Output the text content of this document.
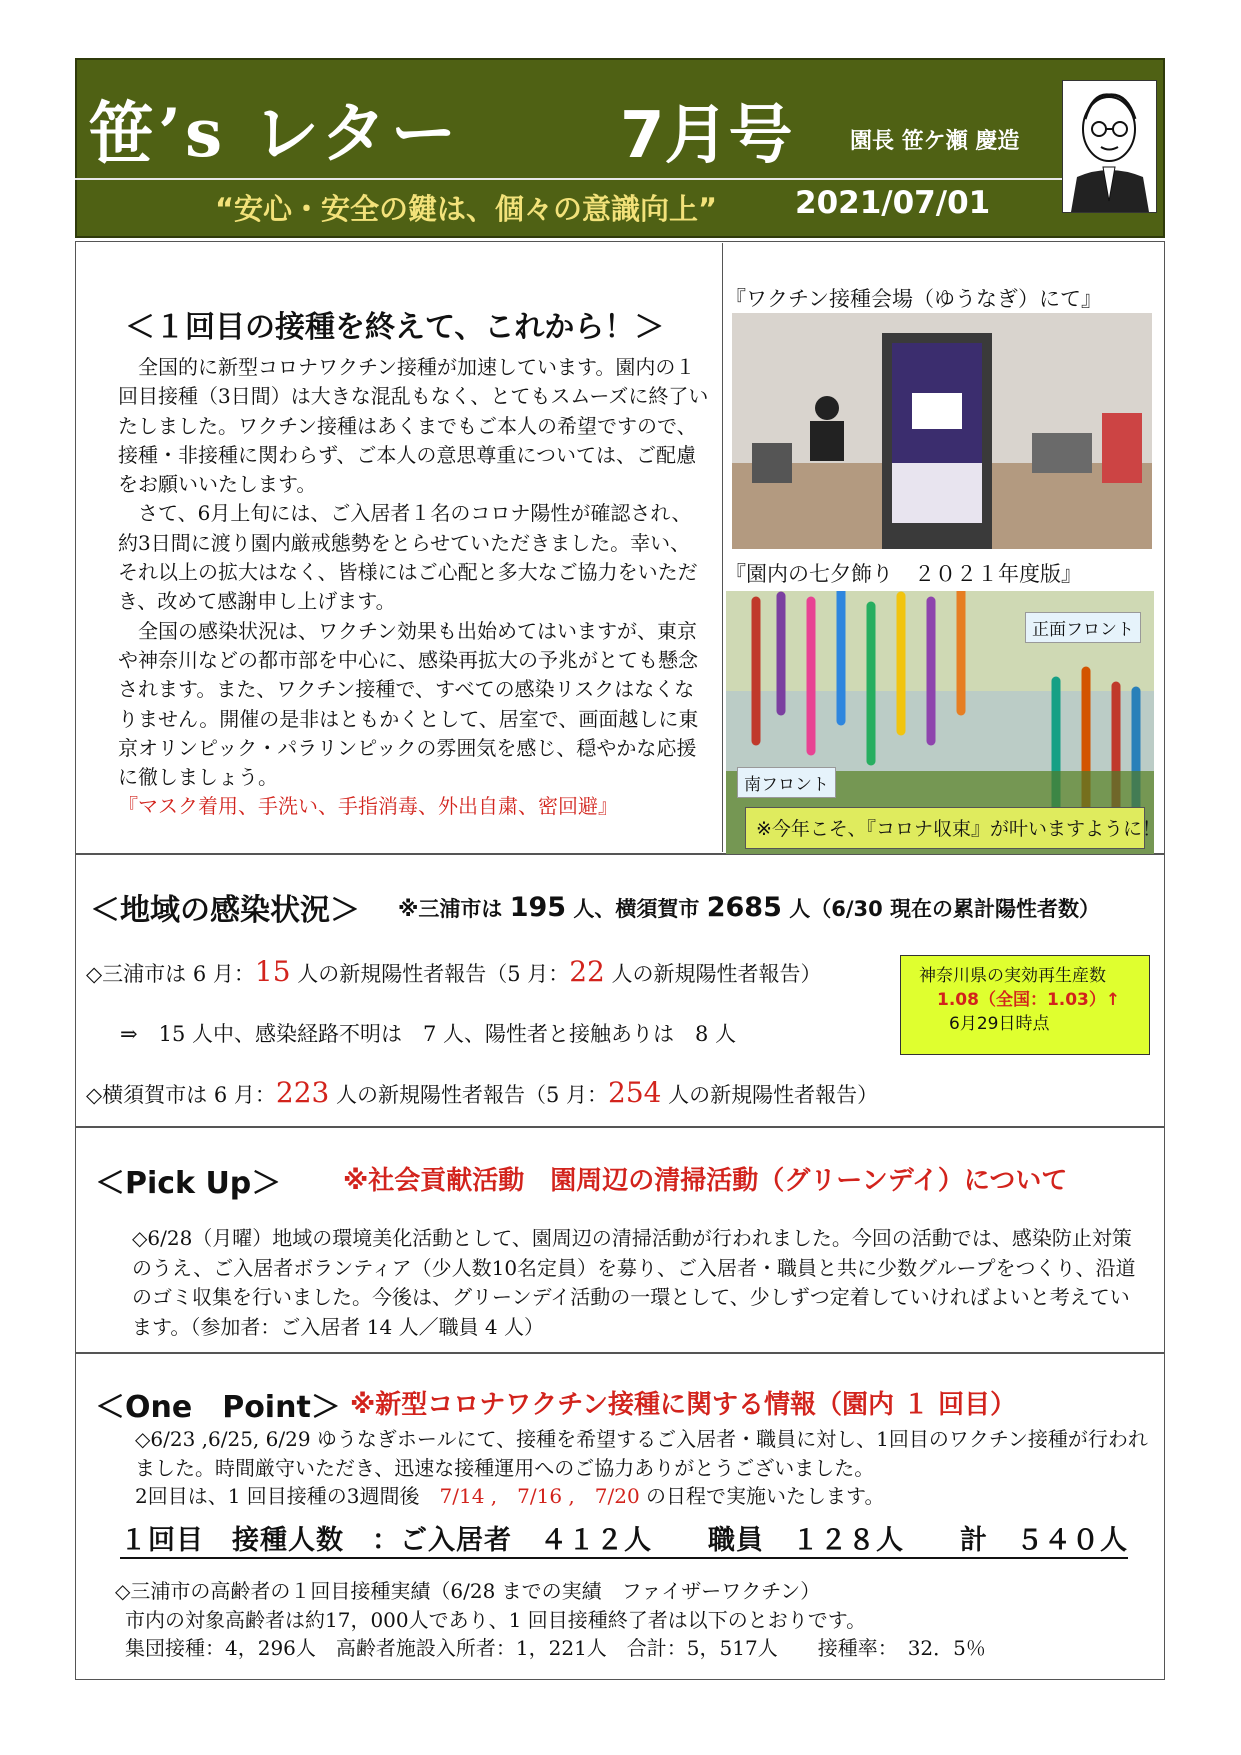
笹’s レター 7月号	園長 笹ケ瀬 慶造
“安心・安全の鍵は、個々の意識向上”	2021/07/01
＜１回目の接種を終えて、これから！＞
全国的に新型コロナワクチン接種が加速しています。園内の１回目接種（3日間）は大きな混乱もなく、とてもスムーズに終了いたしました。ワクチン接種はあくまでもご本人の希望ですので、接種・非接種に関わらず、ご本人の意思尊重については、ご配慮をお願いいたします。
さて、6月上旬には、ご入居者１名のコロナ陽性が確認され、約3日間に渡り園内厳戒態勢をとらせていただきました。幸い、それ以上の拡大はなく、皆様にはご心配と多大なご協力をいただき、改めて感謝申し上げます。
全国の感染状況は、ワクチン効果も出始めてはいますが、東京や神奈川などの都市部を中心に、感染再拡大の予兆がとても懸念されます。また、ワクチン接種で、すべての感染リスクはなくなりません。開催の是非はともかくとして、居室で、画面越しに東京オリンピック・パラリンピックの雰囲気を感じ、穏やかな応援に徹しましょう。
『マスク着用、手洗い、手指消毒、外出自粛、密回避』
『ワクチン接種会場（ゆうなぎ）にて』
『園内の七夕飾り　２０２１年度版』
正面フロント
南フロント
※今年こそ、『コロナ収束』が叶いますように！
＜地域の感染状況＞ ※三浦市は 195 人、横須賀市 2685 人（6/30 現在の累計陽性者数）
◇三浦市は 6 月：15 人の新規陽性者報告（5 月：22 人の新規陽性者報告）
⇒　15 人中、感染経路不明は　7 人、陽性者と接触ありは　8 人
◇横須賀市は 6 月：223 人の新規陽性者報告（5 月：254 人の新規陽性者報告）
神奈川県の実効再生産数
1.08（全国：1.03）↑
6月29日時点
＜Pick Up＞ ※社会貢献活動　園周辺の清掃活動（グリーンデイ）について
◇6/28（月曜）地域の環境美化活動として、園周辺の清掃活動が行われました。今回の活動では、感染防止対策のうえ、ご入居者ボランティア（少人数10名定員）を募り、ご入居者・職員と共に少数グループをつくり、沿道のゴミ収集を行いました。今後は、グリーンデイ活動の一環として、少しずつ定着していければよいと考えています。（参加者：ご入居者 14 人／職員 4 人）
＜One　Point＞ ※新型コロナワクチン接種に関する情報（園内 １ 回目）
◇6/23 ,6/25, 6/29 ゆうなぎホールにて、接種を希望するご入居者・職員に対し、1回目のワクチン接種が行われました。時間厳守いただき、迅速な接種運用へのご協力ありがとうございました。
2回目は、1 回目接種の3週間後　7/14 ,　7/16 ,　7/20 の日程で実施いたします。
１回目　接種人数　：ご入居者　４１２人　　職員　１２８人　　計　５４０人
◇三浦市の高齢者の１回目接種実績（6/28 までの実績　ファイザーワクチン）
市内の対象高齢者は約17，000人であり、1 回目接種終了者は以下のとおりです。
集団接種：4，296人　高齢者施設入所者：1，221人　合計：5，517人　　接種率：　32．5％
